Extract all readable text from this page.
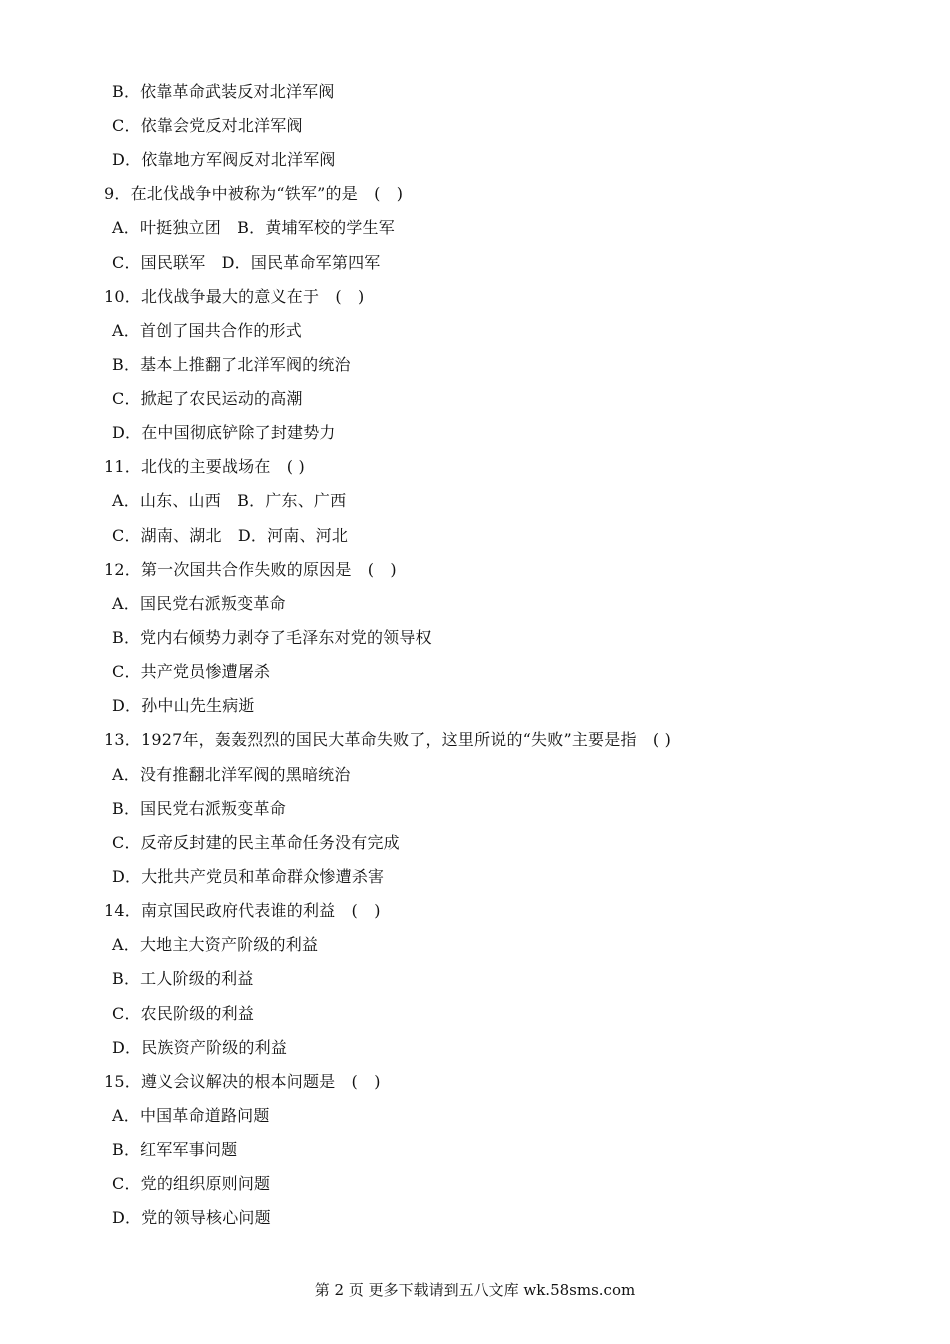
B．依靠革命武装反对北洋军阀
C．依靠会党反对北洋军阀
D．依靠地方军阀反对北洋军阀
9．在北伐战争中被称为“铁军”的是　(　)
A．叶挺独立团　B．黄埔军校的学生军
C．国民联军　D．国民革命军第四军
10．北伐战争最大的意义在于　(　)
A．首创了国共合作的形式
B．基本上推翻了北洋军阀的统治
C．掀起了农民运动的高潮
D．在中国彻底铲除了封建势力
11．北伐的主要战场在　( )
A．山东、山西　B．广东、广西
C．湖南、湖北　D．河南、河北
12．第一次国共合作失败的原因是　(　)
A．国民党右派叛变革命
B．党内右倾势力剥夺了毛泽东对党的领导权
C．共产党员惨遭屠杀
D．孙中山先生病逝
13．1927年，轰轰烈烈的国民大革命失败了，这里所说的“失败”主要是指　( )
A．没有推翻北洋军阀的黑暗统治
B．国民党右派叛变革命
C．反帝反封建的民主革命任务没有完成
D．大批共产党员和革命群众惨遭杀害
14．南京国民政府代表谁的利益　(　)
A．大地主大资产阶级的利益
B．工人阶级的利益
C．农民阶级的利益
D．民族资产阶级的利益
15．遵义会议解决的根本问题是　(　)
A．中国革命道路问题
B．红军军事问题
C．党的组织原则问题
D．党的领导核心问题
第 2 页 更多下载请到五八文库 wk.58sms.com
